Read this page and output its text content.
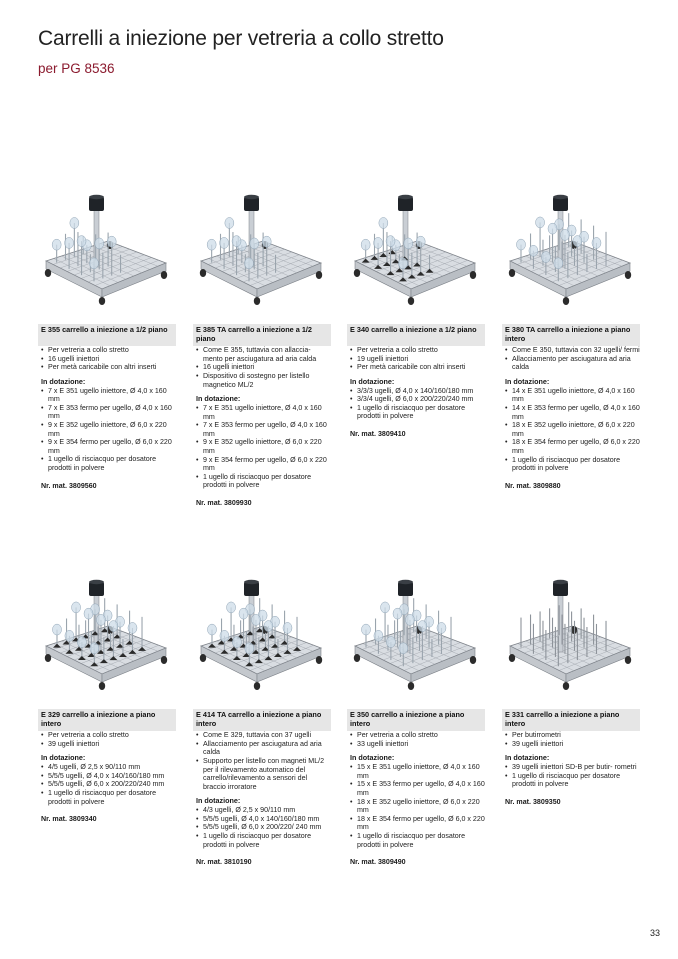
Carrelli a iniezione per vetreria a collo stretto
per PG 8536
E 355 carrello a iniezione a 1/2 piano
• Per vetreria a collo stretto
• 16 ugelli iniettori
• Per metà caricabile con altri inserti
In dotazione:
• 7 x E 351 ugello iniettore, Ø 4,0 x 160 mm
• 7 x E 353 fermo per ugello, Ø 4,0 x 160 mm
• 9 x E 352 ugello iniettore, Ø 6,0 x 220 mm
• 9 x E 354 fermo per ugello, Ø 6,0 x 220 mm
• 1 ugello di risciacquo per dosatore prodotti in polvere
Nr. mat. 3809560
E 385 TA carrello a iniezione a 1/2 piano
• Come E 355, tuttavia con allaccia- mento per asciugatura ad aria calda
• 16 ugelli iniettori
• Dispositivo di sostegno per listello magnetico ML/2
In dotazione:
• 7 x E 351 ugello iniettore, Ø 4,0 x 160 mm
• 7 x E 353 fermo per ugello, Ø 4,0 x 160 mm
• 9 x E 352 ugello iniettore, Ø 6,0 x 220 mm
• 9 x E 354 fermo per ugello, Ø 6,0 x 220 mm
• 1 ugello di risciacquo per dosatore prodotti in polvere
Nr. mat. 3809930
E 340 carrello a iniezione a 1/2 piano
• Per vetreria a collo stretto
• 19 ugelli iniettori
• Per metà caricabile con altri inserti
In dotazione:
• 3/3/3 ugelli, Ø 4,0 x 140/160/180 mm
• 3/3/4 ugelli, Ø 6,0 x 200/220/240 mm
• 1 ugello di risciacquo per dosatore prodotti in polvere
Nr. mat. 3809410
E 380 TA carrello a iniezione a piano intero
• Come E 350, tuttavia con 32 ugelli/ fermi
• Allacciamento per asciugatura ad aria calda
In dotazione:
• 14 x E 351 ugello iniettore, Ø 4,0 x 160 mm
• 14 x E 353 fermo per ugello, Ø 4,0 x 160 mm
• 18 x E 352 ugello iniettore, Ø 6,0 x 220 mm
• 18 x E 354 fermo per ugello, Ø 6,0 x 220 mm
• 1 ugello di risciacquo per dosatore prodotti in polvere
Nr. mat. 3809880
E 329 carrello a iniezione a piano intero
• Per vetreria a collo stretto
• 39 ugelli iniettori
In dotazione:
• 4/5 ugelli, Ø 2,5 x 90/110 mm
• 5/5/5 ugelli, Ø 4,0 x 140/160/180 mm
• 5/5/5 ugelli, Ø 6,0 x 200/220/240 mm
• 1 ugello di risciacquo per dosatore prodotti in polvere
Nr. mat. 3809340
E 414 TA carrello a iniezione a piano intero
• Come E 329, tuttavia con 37 ugelli
• Allacciamento per asciugatura ad aria calda
• Supporto per listello con magneti ML/2 per il rilevamento automatico del carrello/rilevamento a sensori del braccio irroratore
In dotazione:
• 4/3 ugelli, Ø 2,5 x 90/110 mm
• 5/5/5 ugelli, Ø 4,0 x 140/160/180 mm
• 5/5/5 ugelli, Ø 6,0 x 200/220/ 240 mm
• 1 ugello di risciacquo per dosatore prodotti in polvere
Nr. mat. 3810190
E 350 carrello a iniezione a piano intero
• Per vetreria a collo stretto
• 33 ugelli iniettori
In dotazione:
• 15 x E 351 ugello iniettore, Ø 4,0 x 160 mm
• 15 x E 353 fermo per ugello, Ø 4,0 x 160 mm
• 18 x E 352 ugello iniettore, Ø 6,0 x 220 mm
• 18 x E 354 fermo per ugello, Ø 6,0 x 220 mm
• 1 ugello di risciacquo per dosatore prodotti in polvere
Nr. mat. 3809490
E 331 carrello a iniezione a piano intero
• Per butirrometri
• 39 ugelli iniettori
In dotazione:
• 39 ugelli iniettori SD-B per butir- rometri
• 1 ugello di risciacquo per dosatore prodotti in polvere
Nr. mat. 3809350
33
